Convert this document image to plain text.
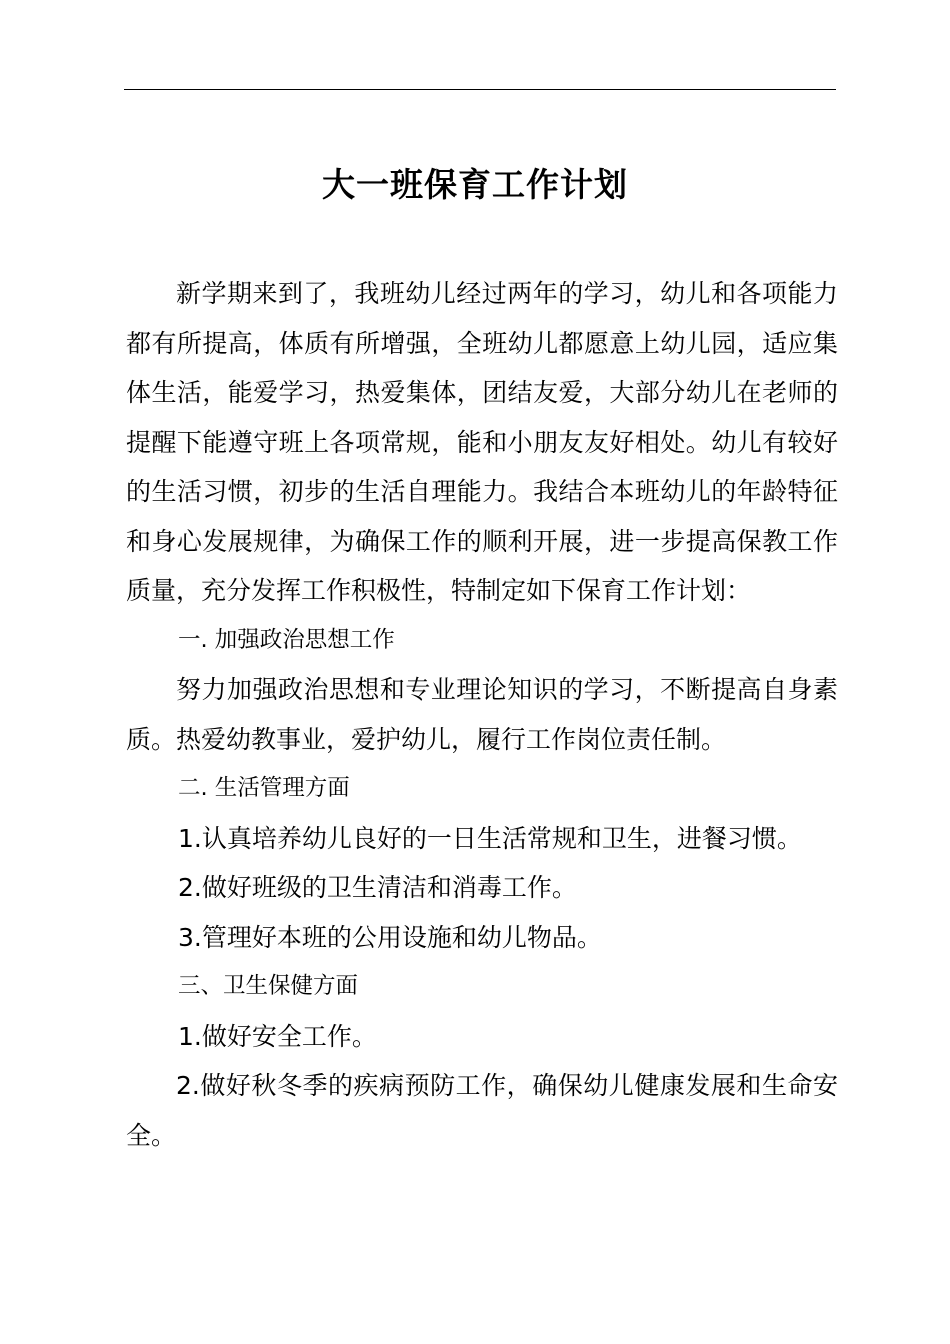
大一班保育工作计划

新学期来到了，我班幼儿经过两年的学习，幼儿和各项能力都有所提高，体质有所增强，全班幼儿都愿意上幼儿园，适应集体生活，能爱学习，热爱集体，团结友爱，大部分幼儿在老师的提醒下能遵守班上各项常规，能和小朋友友好相处。幼儿有较好的生活习惯，初步的生活自理能力。我结合本班幼儿的年龄特征和身心发展规律，为确保工作的顺利开展，进一步提高保教工作质量，充分发挥工作积极性，特制定如下保育工作计划：

一. 加强政治思想工作

努力加强政治思想和专业理论知识的学习，不断提高自身素质。热爱幼教事业，爱护幼儿，履行工作岗位责任制。

二. 生活管理方面

1.认真培养幼儿良好的一日生活常规和卫生，进餐习惯。

2.做好班级的卫生清洁和消毒工作。

3.管理好本班的公用设施和幼儿物品。

三、卫生保健方面

1.做好安全工作。

2.做好秋冬季的疾病预防工作，确保幼儿健康发展和生命安全。
